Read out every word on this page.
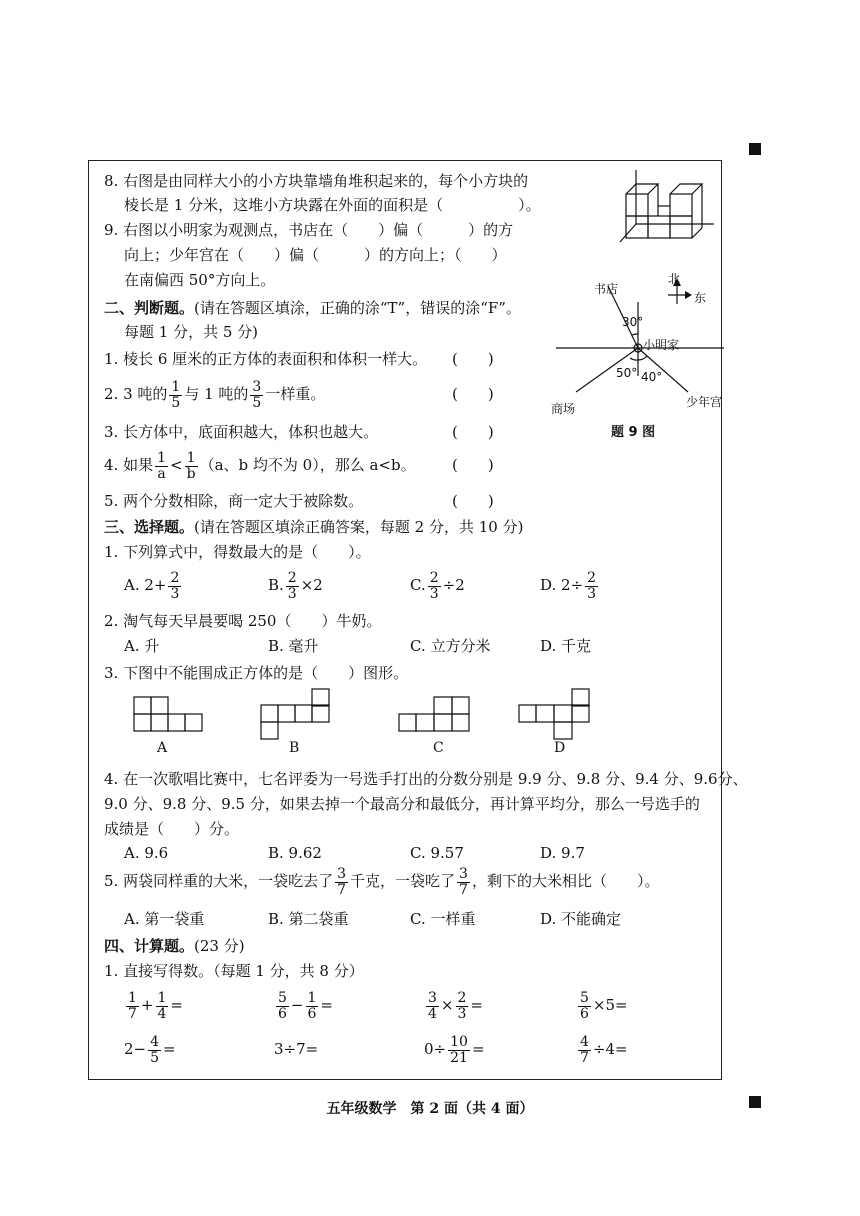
8. 右图是由同样大小的小方块靠墙角堆积起来的，每个小方块的
棱长是 1 分米，这堆小方块露在外面的面积是（　　　　　）。
9. 右图以小明家为观测点，书店在（　　）偏（　　　）的方
向上；少年宫在（　　）偏（　　　）的方向上；（　　）
在南偏西 50°方向上。	书店
北
东
30°
小明家
50° 40°
商场	少年宫
题 9 图
二、判断题。(请在答题区填涂，正确的涂“T”，错误的涂“F”。
每题 1 分，共 5 分)
1. 棱长 6 厘米的正方体的表面积和体积一样大。 (　　)
2. 3 吨的 $\frac{1}{5}$ 与 1 吨的 $\frac{3}{5}$ 一样重。	(　　)
3. 长方体中，底面积越大，体积也越大。	(　　)
4. 如果 $\frac{1}{a} < \frac{1}{b} (a$、b 均不为 0），那么 a<b。 (　　)
5. 两个分数相除，商一定大于被除数。	(　　)
三、选择题。(请在答题区填涂正确答案，每题 2 分，共 10 分)
1. 下列算式中，得数最大的是（　　）。
A. $2+ \frac{2}{3}$	B. $\frac{2}{3} \times 2$	C. $\frac{2}{3} \div 2$	D. $2\div \frac{2}{3}$
2. 淘气每天早晨要喝 250（　　）牛奶。
A. 升	B. 毫升	C. 立方分米	D. 千克
3. 下图中不能围成正方体的是（　　）图形。
A	B	C	D
4. 在一次歌唱比赛中，七名评委为一号选手打出的分数分别是 9.9 分、9.8 分、9.4 分、9.6分、
9.0 分、9.8 分、9.5 分，如果去掉一个最高分和最低分，再计算平均分，那么一号选手的
成绩是（　　）分。
A. 9.6	B. 9.62	C. 9.57	D. 9.7
5. 两袋同样重的大米，一袋吃去了 $\frac{3}{7}$ 千克，一袋吃了 $\frac{3}{7}$ ，剩下的大米相比（　　）。
A. 第一袋重	B. 第二袋重	C. 一样重	D. 不能确定
四、计算题。(23 分)
1. 直接写得数。（每题 1 分，共 8 分）
$\frac{1}{7} + \frac{1}{4}$ =	$\frac{5}{6} - \frac{1}{6}$ =	$\frac{3}{4} \times \frac{2}{3}$ =	$\frac{5}{6} \times 5=$
$2- \frac{4}{5}$ =	3÷7=	$0\div \frac{10}{21}$ =	$\frac{4}{7} \div 4=$
五年级数学　第 2 面（共 4 面）
